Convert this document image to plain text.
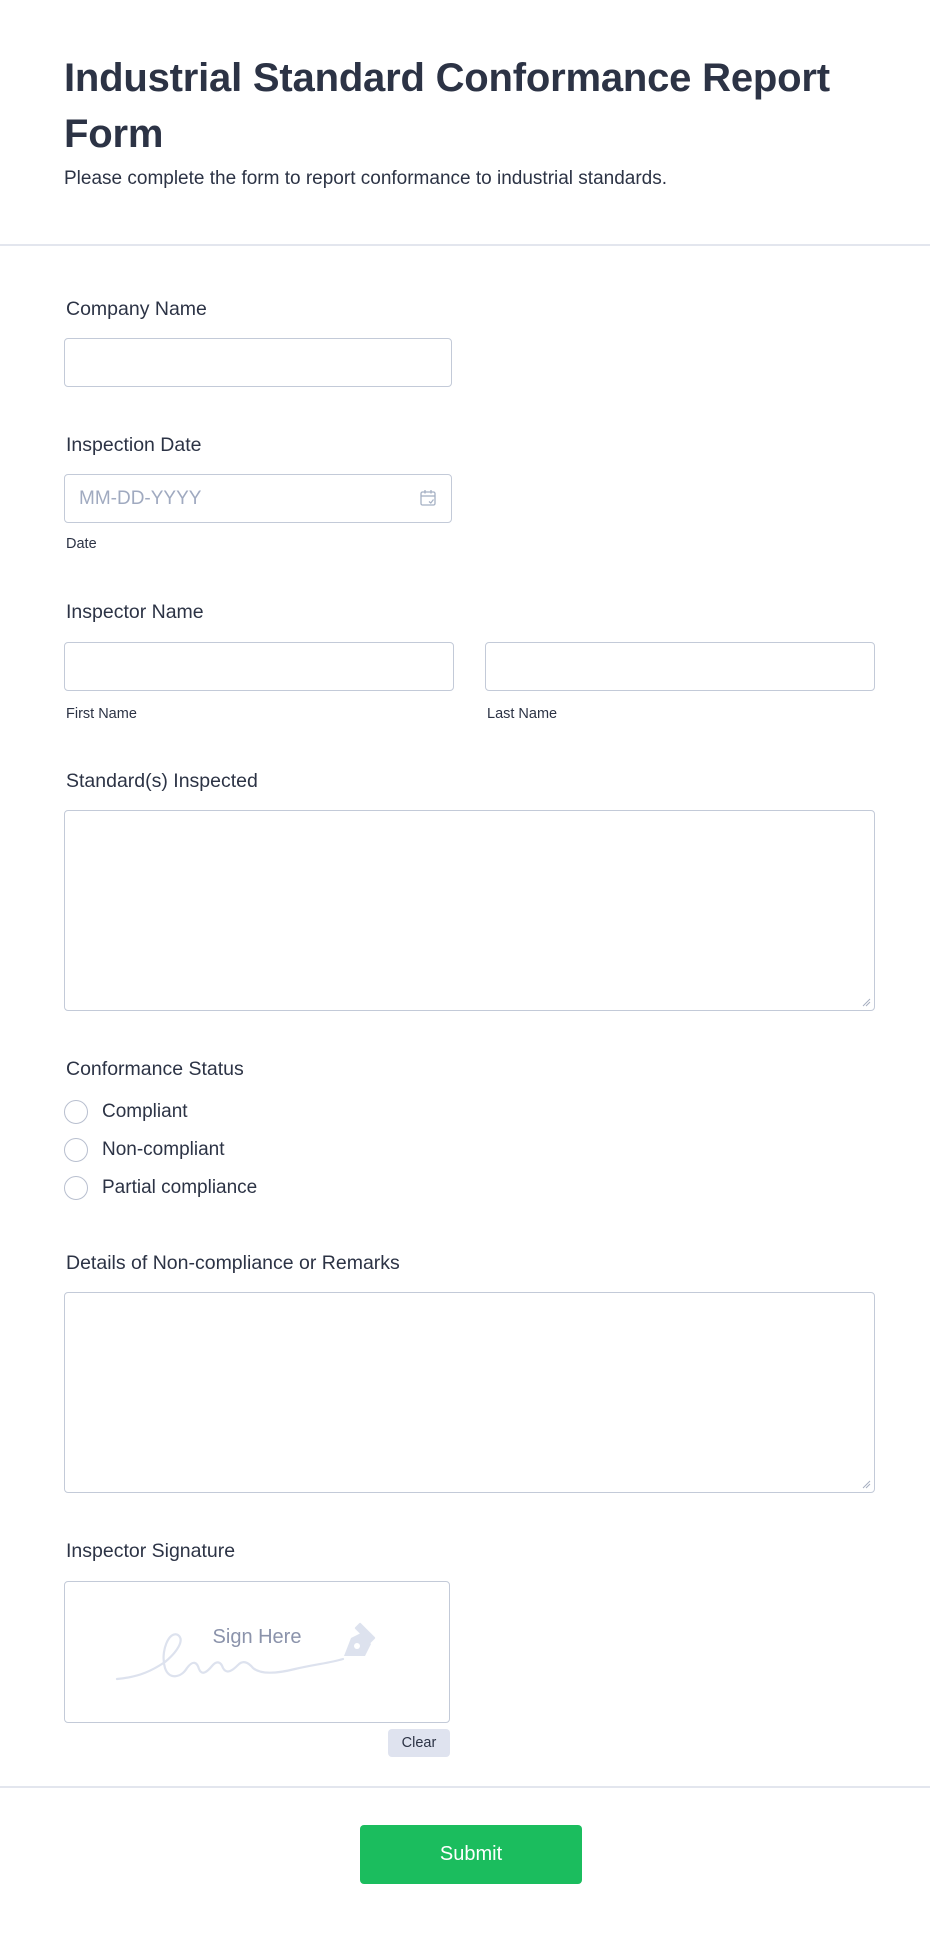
Industrial Standard Conformance Report Form

Please complete the form to report conformance to industrial standards.

Company Name
Inspection Date
MM-DD-YYYY
Date
Inspector Name
First Name	Last Name
Standard(s) Inspected
Conformance Status
Compliant
Non-compliant
Partial compliance
Details of Non-compliance or Remarks
Inspector Signature
Sign Here
Clear
Submit
